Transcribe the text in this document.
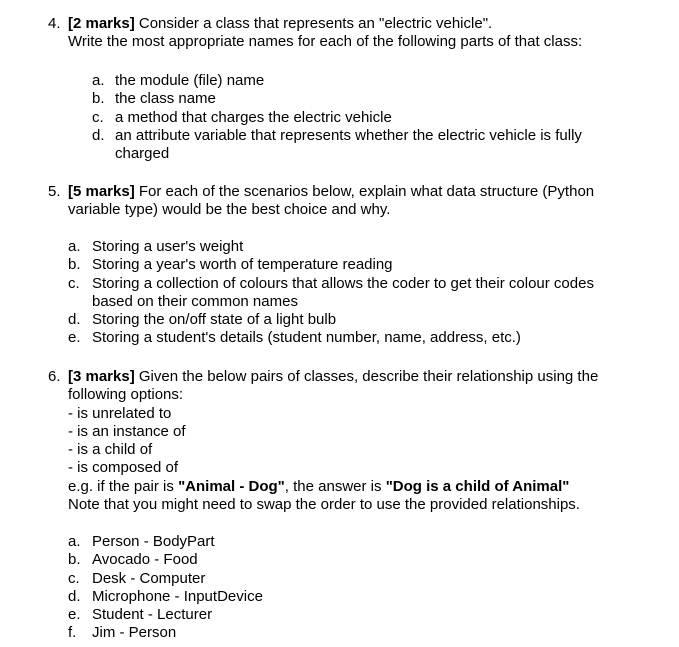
4. [2 marks] Consider a class that represents an "electric vehicle".

Write the most appropriate names for each of the following parts of that class:

a. the module (file) name
b. the class name
c. a method that charges the electric vehicle
d. an attribute variable that represents whether the electric vehicle is fully charged
5. [5 marks] For each of the scenarios below, explain what data structure (Python variable type) would be the best choice and why.

a. Storing a user's weight
b. Storing a year's worth of temperature reading
c. Storing a collection of colours that allows the coder to get their colour codes based on their common names
d. Storing the on/off state of a light bulb
e. Storing a student's details (student number, name, address, etc.)
6. [3 marks] Given the below pairs of classes, describe their relationship using the following options:

- is unrelated to
- is an instance of
- is a child of
- is composed of

e.g. if the pair is "Animal - Dog", the answer is "Dog is a child of Animal"

Note that you might need to swap the order to use the provided relationships.

a. Person - BodyPart
b. Avocado - Food
c. Desk - Computer
d. Microphone - InputDevice
e. Student - Lecturer
f. Jim - Person
